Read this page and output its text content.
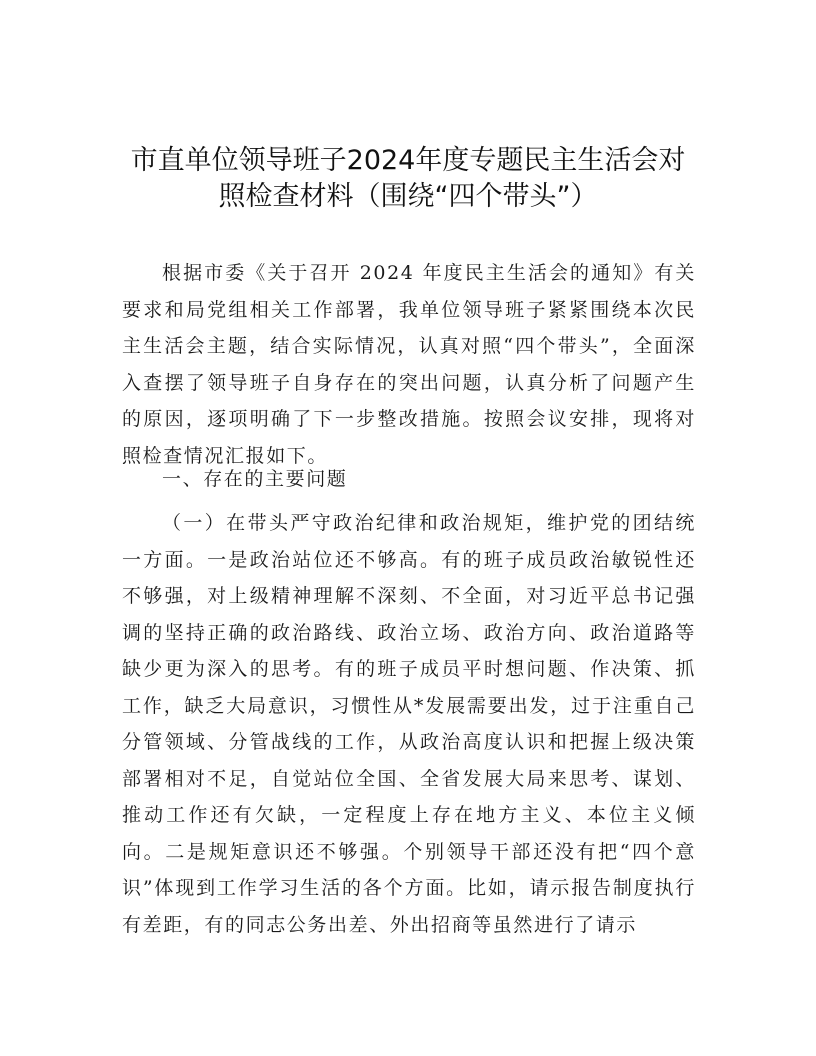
市直单位领导班子2024年度专题民主生活会对
照检查材料（围绕“四个带头”）
根据市委《关于召开 2024 年度民主生活会的通知》有关要求和局党组相关工作部署，我单位领导班子紧紧围绕本次民主生活会主题，结合实际情况，认真对照“四个带头”，全面深入查摆了领导班子自身存在的突出问题，认真分析了问题产生的原因，逐项明确了下一步整改措施。按照会议安排，现将对照检查情况汇报如下。
一、存在的主要问题
（一）在带头严守政治纪律和政治规矩，维护党的团结统一方面。一是政治站位还不够高。有的班子成员政治敏锐性还不够强，对上级精神理解不深刻、不全面，对习近平总书记强调的坚持正确的政治路线、政治立场、政治方向、政治道路等缺少更为深入的思考。有的班子成员平时想问题、作决策、抓工作，缺乏大局意识，习惯性从*发展需要出发，过于注重自己分管领域、分管战线的工作，从政治高度认识和把握上级决策部署相对不足，自觉站位全国、全省发展大局来思考、谋划、推动工作还有欠缺，一定程度上存在地方主义、本位主义倾向。二是规矩意识还不够强。个别领导干部还没有把“四个意识”体现到工作学习生活的各个方面。比如，请示报告制度执行有差距，有的同志公务出差、外出招商等虽然进行了请示
